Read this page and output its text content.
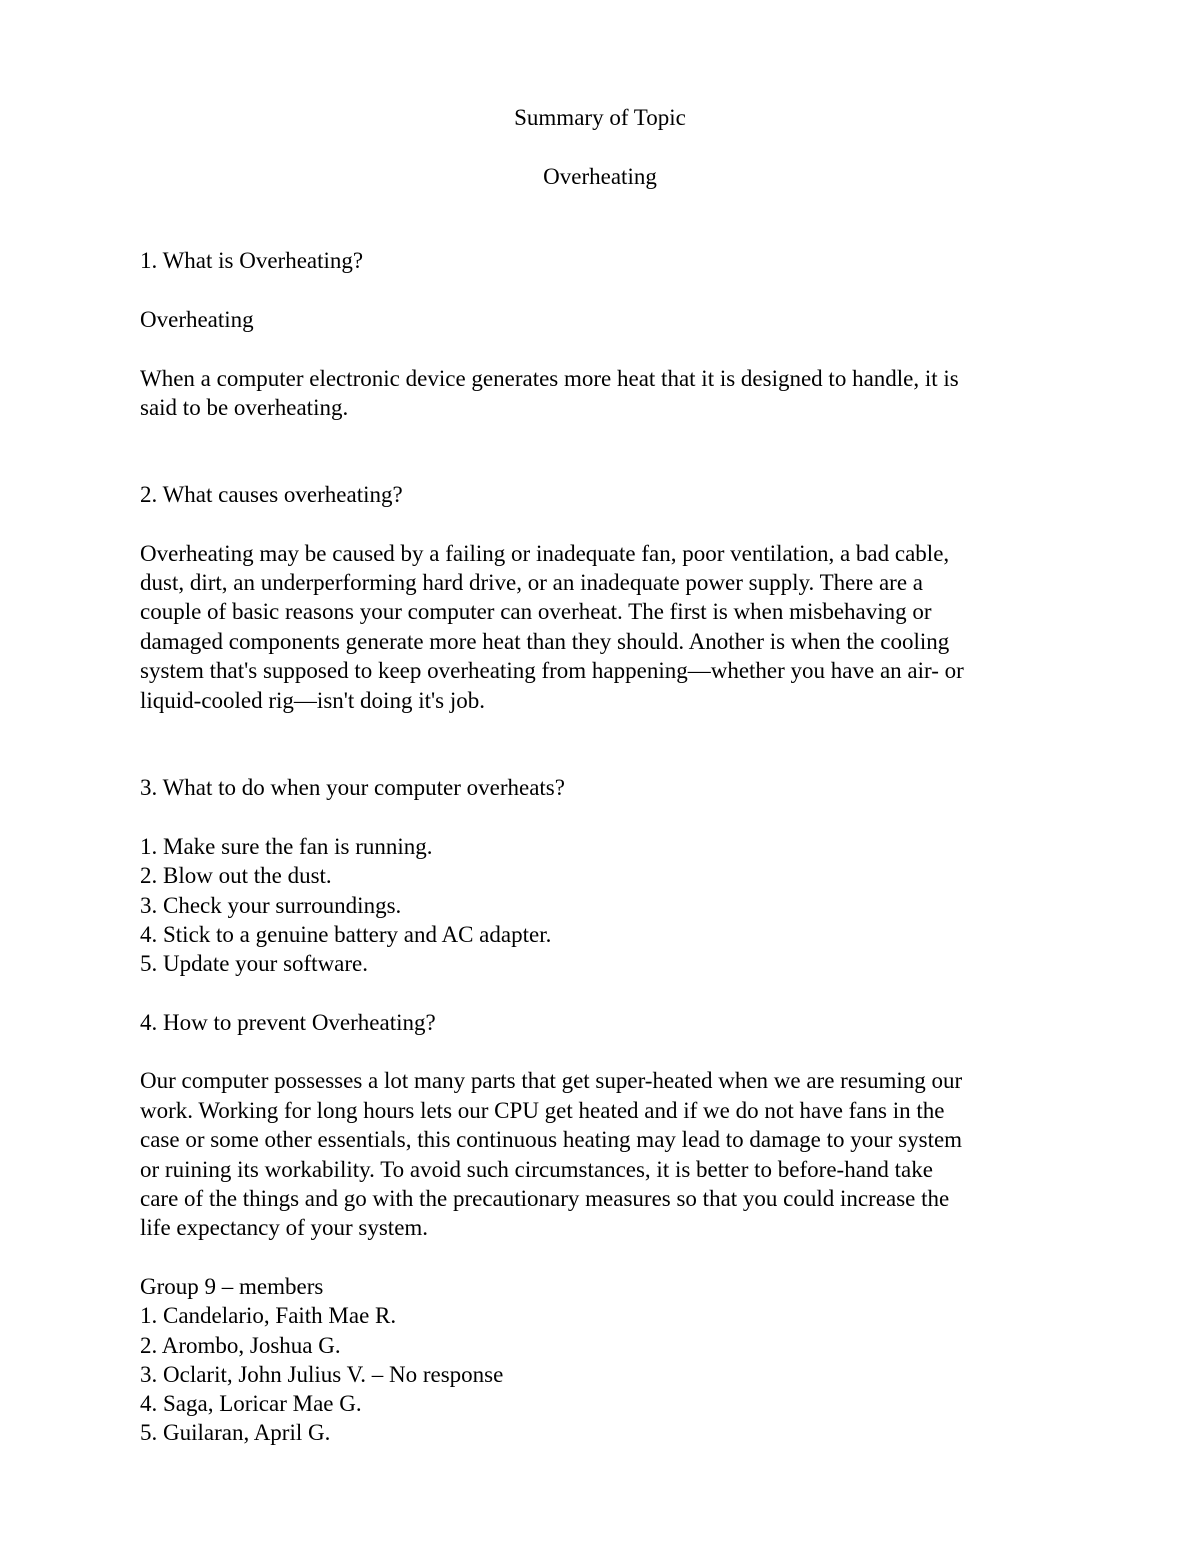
Summary of Topic
Overheating
1. What is Overheating?
Overheating
When a computer electronic device generates more heat that it is designed to handle, it is
said to be overheating.
2. What causes overheating?
Overheating may be caused by a failing or inadequate fan, poor ventilation, a bad cable,
dust, dirt, an underperforming hard drive, or an inadequate power supply. There are a
couple of basic reasons your computer can overheat. The first is when misbehaving or
damaged components generate more heat than they should. Another is when the cooling
system that's supposed to keep overheating from happening—whether you have an air- or
liquid-cooled rig—isn't doing it's job.
3. What to do when your computer overheats?
1. Make sure the fan is running.
2. Blow out the dust.
3. Check your surroundings.
4. Stick to a genuine battery and AC adapter.
5. Update your software.
4. How to prevent Overheating?
Our computer possesses a lot many parts that get super-heated when we are resuming our
work. Working for long hours lets our CPU get heated and if we do not have fans in the
case or some other essentials, this continuous heating may lead to damage to your system
or ruining its workability. To avoid such circumstances, it is better to before-hand take
care of the things and go with the precautionary measures so that you could increase the
life expectancy of your system.
Group 9 – members
1. Candelario, Faith Mae R.
2. Arombo, Joshua G.
3. Oclarit, John Julius V. – No response
4. Saga, Loricar Mae G.
5. Guilaran, April G.
